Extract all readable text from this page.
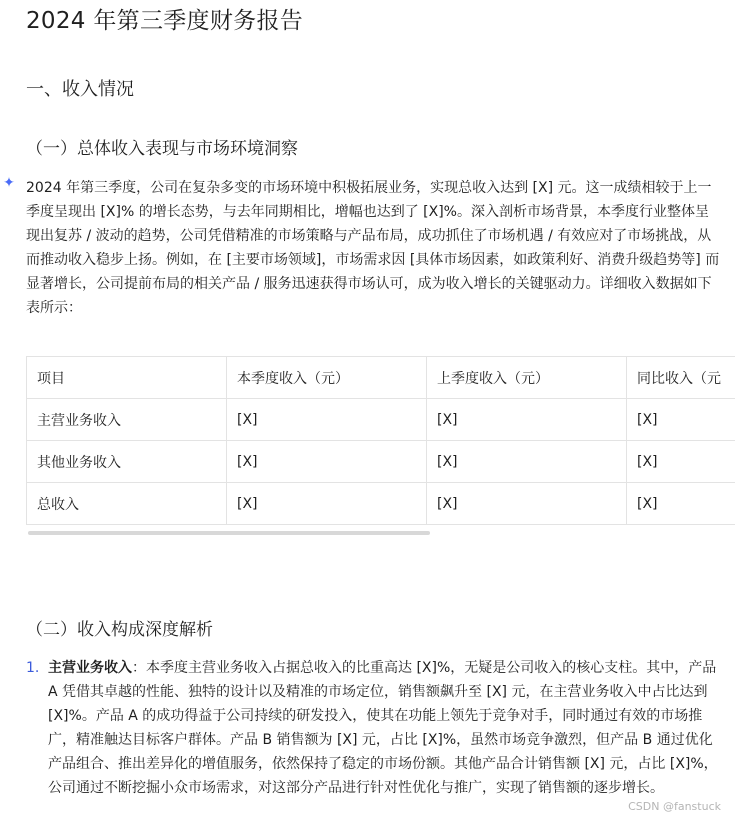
2024 年第三季度财务报告
一、收入情况
（一）总体收入表现与市场环境洞察
✦ 2024 年第三季度，公司在复杂多变的市场环境中积极拓展业务，实现总收入达到 [X] 元。这一成绩相较于上一季度呈现出 [X]% 的增长态势，与去年同期相比，增幅也达到了 [X]%。深入剖析市场背景，本季度行业整体呈现出复苏 / 波动的趋势，公司凭借精准的市场策略与产品布局，成功抓住了市场机遇 / 有效应对了市场挑战，从而推动收入稳步上扬。例如，在 [主要市场领域]，市场需求因 [具体市场因素，如政策利好、消费升级趋势等] 而显著增长，公司提前布局的相关产品 / 服务迅速获得市场认可，成为收入增长的关键驱动力。详细收入数据如下表所示：

项目	本季度收入（元）	上季度收入（元）	同比收入（元
主营业务收入	[X]	[X]	[X]
其他业务收入	[X]	[X]	[X]
总收入	[X]	[X]	[X]
（二）收入构成深度解析
1. 主营业务收入：本季度主营业务收入占据总收入的比重高达 [X]%，无疑是公司收入的核心支柱。其中，产品 A 凭借其卓越的性能、独特的设计以及精准的市场定位，销售额飙升至 [X] 元，在主营业务收入中占比达到 [X]%。产品 A 的成功得益于公司持续的研发投入，使其在功能上领先于竞争对手，同时通过有效的市场推广，精准触达目标客户群体。产品 B 销售额为 [X] 元，占比 [X]%，虽然市场竞争激烈，但产品 B 通过优化产品组合、推出差异化的增值服务，依然保持了稳定的市场份额。其他产品合计销售额 [X] 元，占比 [X]%，公司通过不断挖掘小众市场需求，对这部分产品进行针对性优化与推广，实现了销售额的逐步增长。
CSDN @fanstuck
